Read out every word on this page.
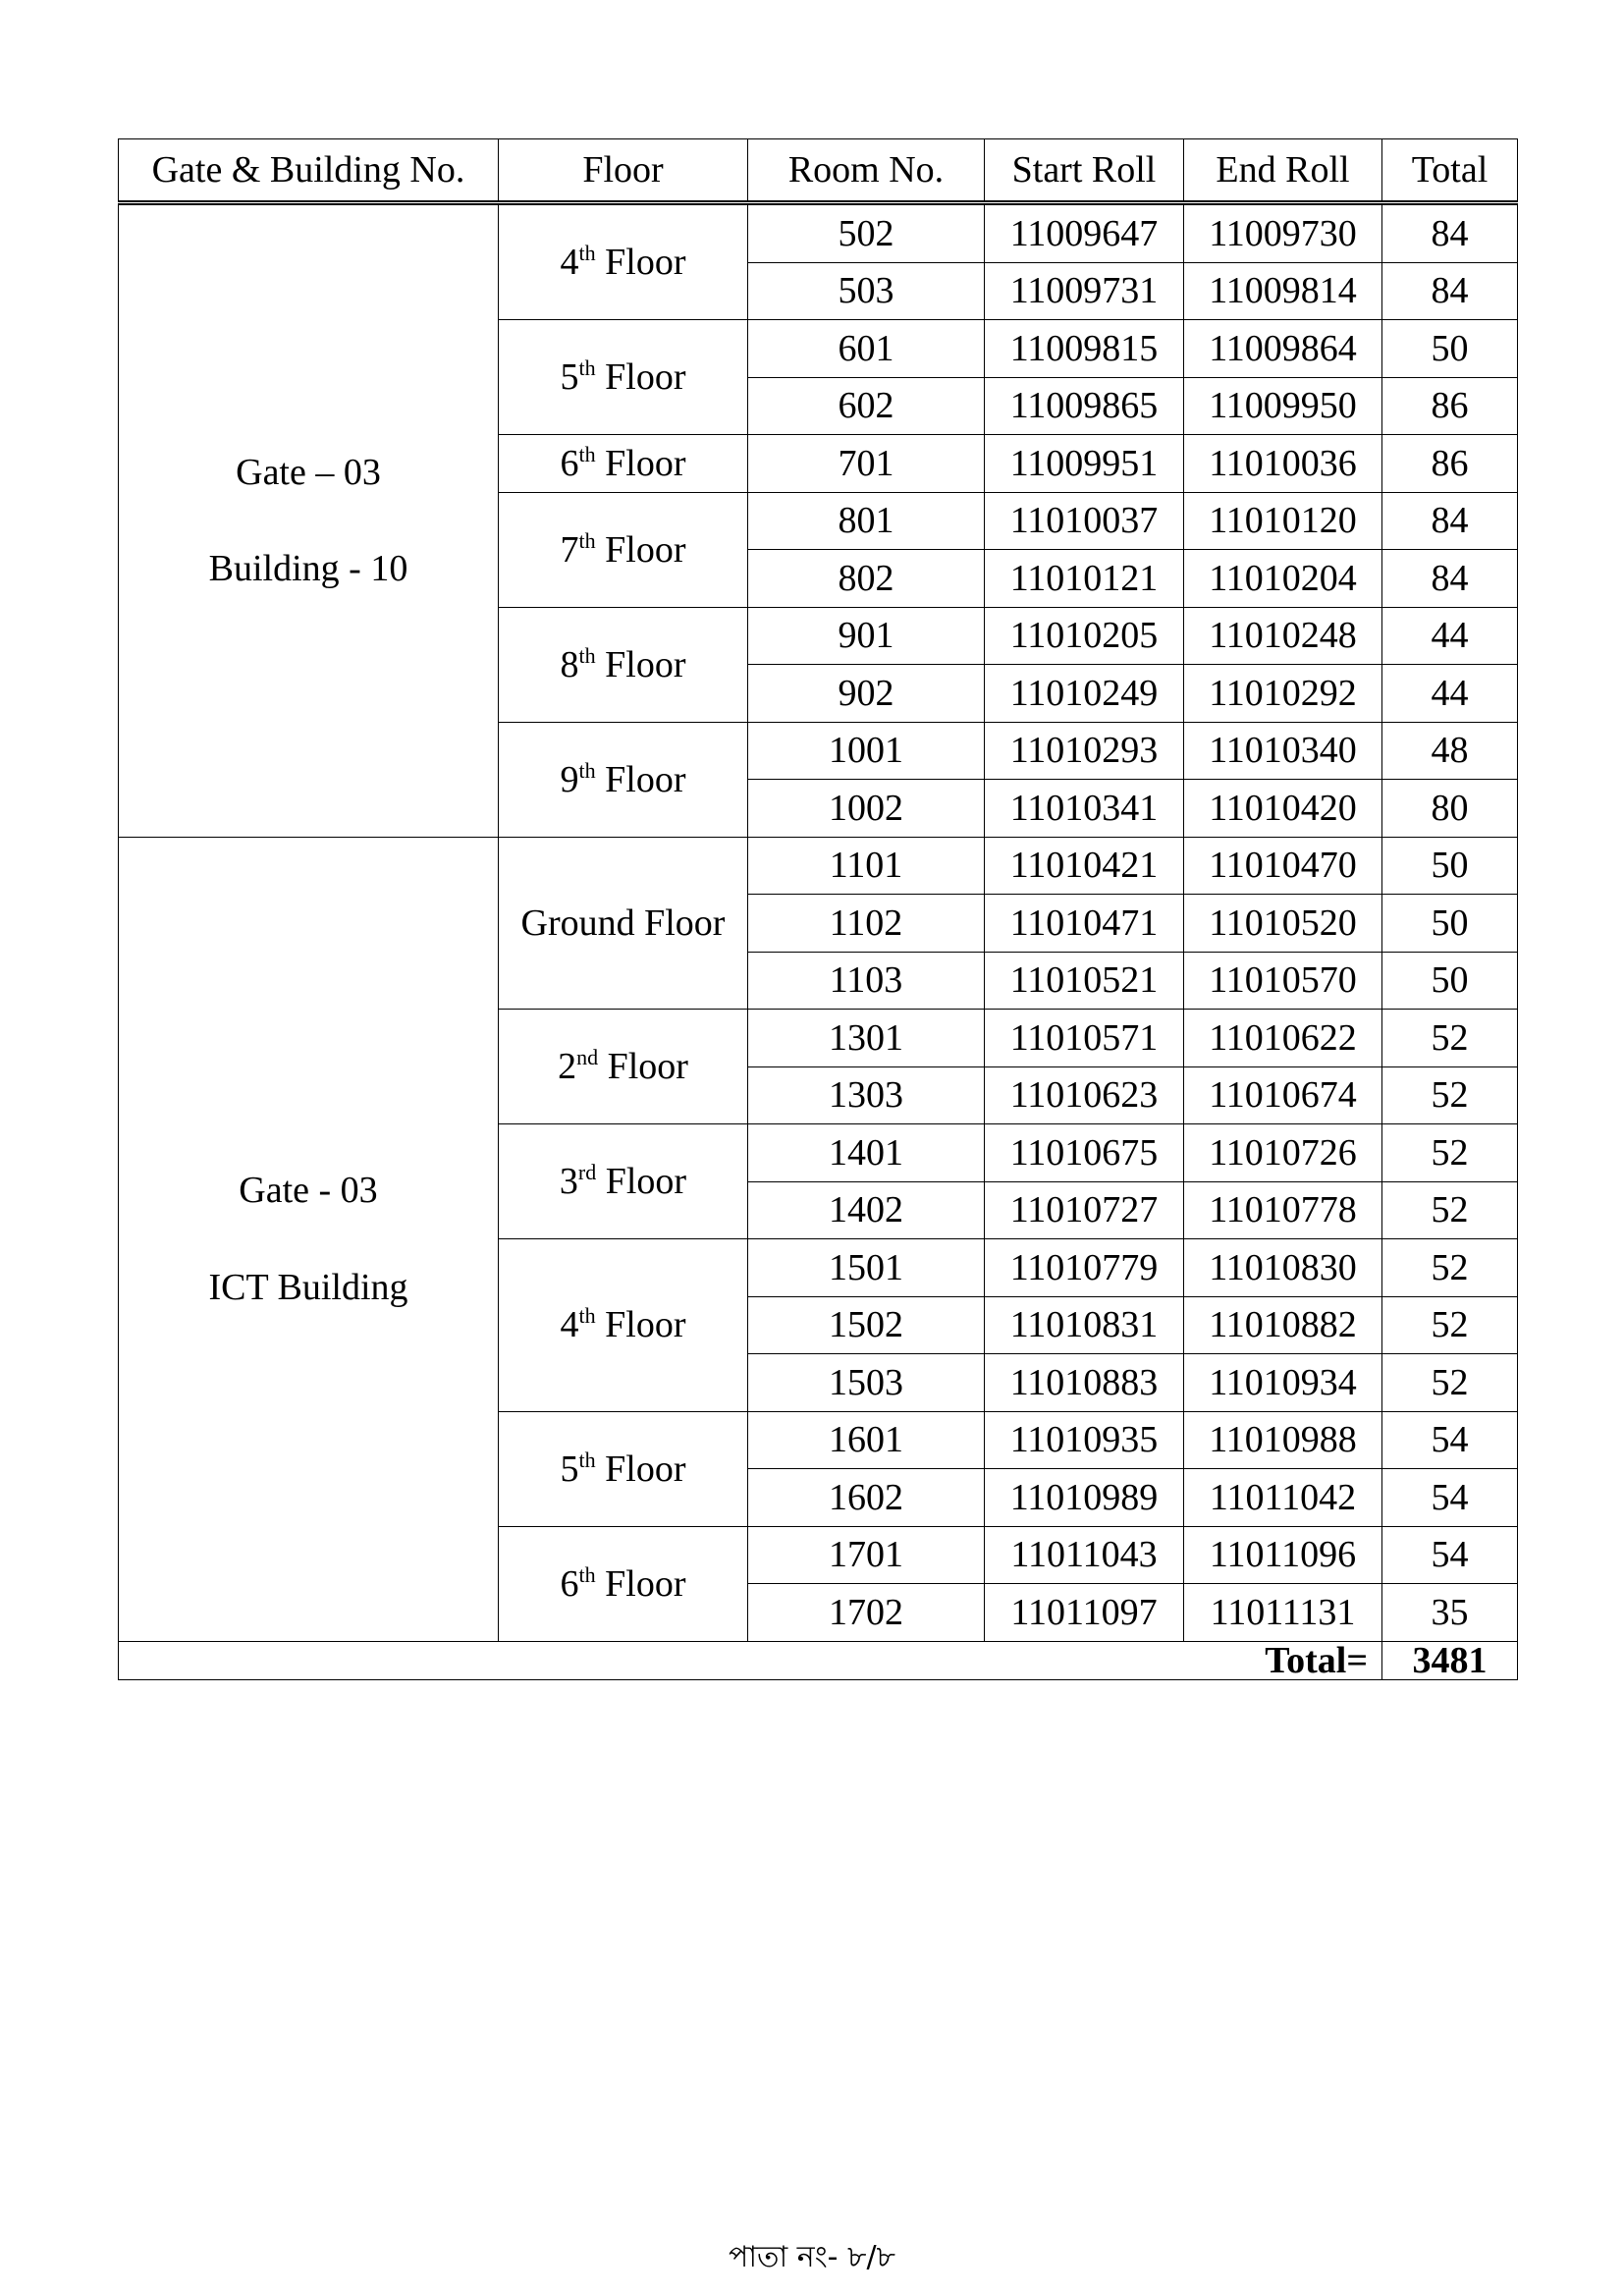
Gate & Building No.	Floor	Room No.	Start Roll	End Roll	Total

Gate – 03
Building - 10	4th Floor	502	11009647	11009730	84
		503	11009731	11009814	84
	5th Floor	601	11009815	11009864	50
		602	11009865	11009950	86
	6th Floor	701	11009951	11010036	86
	7th Floor	801	11010037	11010120	84
		802	11010121	11010204	84
	8th Floor	901	11010205	11010248	44
		902	11010249	11010292	44
	9th Floor	1001	11010293	11010340	48
		1002	11010341	11010420	80

Gate - 03
ICT Building	Ground Floor	1101	11010421	11010470	50
		1102	11010471	11010520	50
		1103	11010521	11010570	50
	2nd Floor	1301	11010571	11010622	52
		1303	11010623	11010674	52
	3rd Floor	1401	11010675	11010726	52
		1402	11010727	11010778	52
	4th Floor	1501	11010779	11010830	52
		1502	11010831	11010882	52
		1503	11010883	11010934	52
	5th Floor	1601	11010935	11010988	54
		1602	11010989	11011042	54
	6th Floor	1701	11011043	11011096	54
		1702	11011097	11011131	35
Total=					3481
পাতা নং- ৮/৮
